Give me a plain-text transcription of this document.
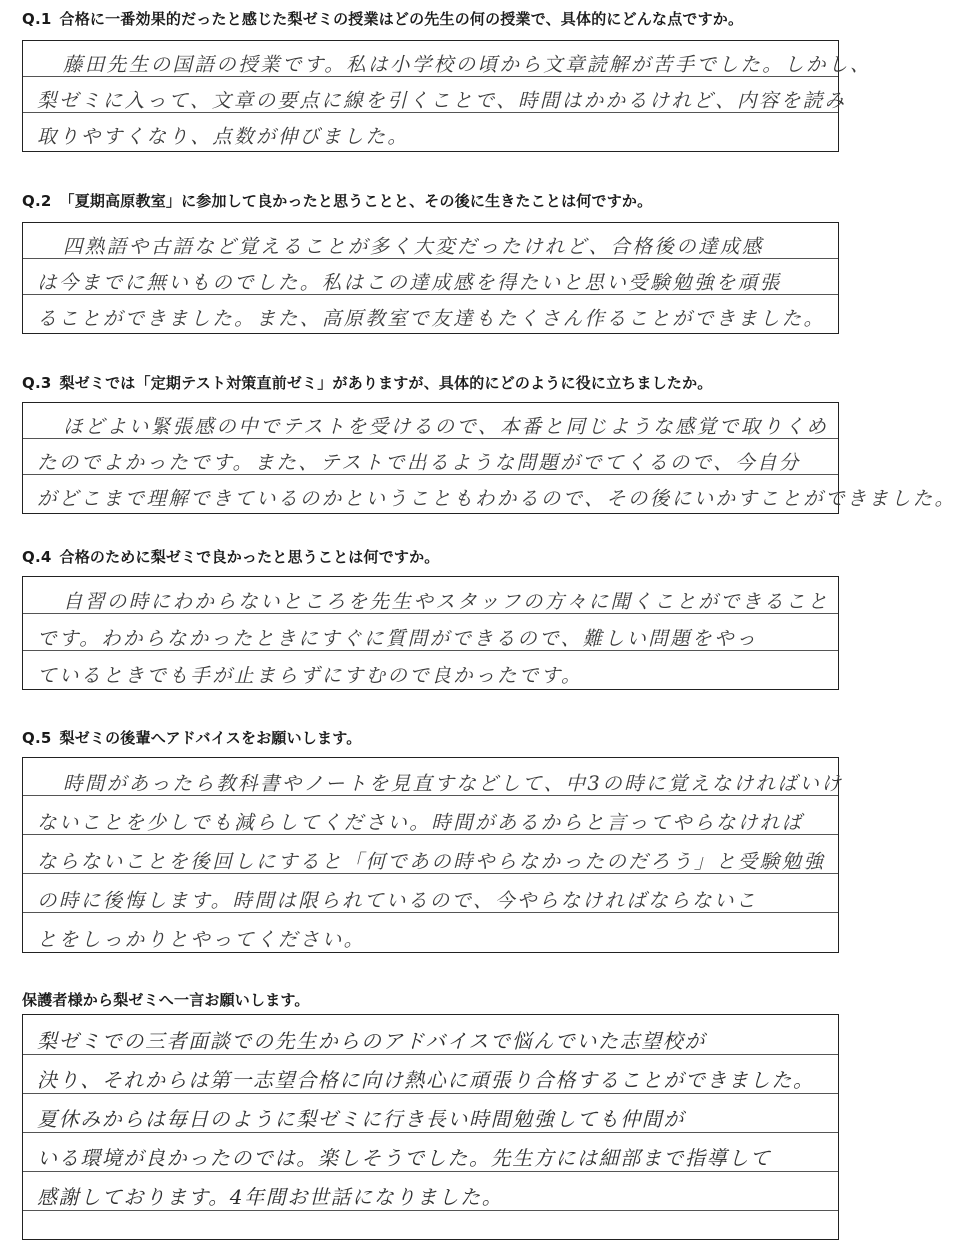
Q.1 合格に一番効果的だったと感じた梨ゼミの授業はどの先生の何の授業で、具体的にどんな点ですか。
藤田先生の国語の授業です。私は小学校の頃から文章読解が苦手でした。しかし、
梨ゼミに入って、文章の要点に線を引くことで、時間はかかるけれど、内容を読み
取りやすくなり、点数が伸びました。
Q.2 「夏期高原教室」に参加して良かったと思うことと、その後に生きたことは何ですか。
四熟語や古語など覚えることが多く大変だったけれど、合格後の達成感
は今までに無いものでした。私はこの達成感を得たいと思い受験勉強を頑張
ることができました。また、高原教室で友達もたくさん作ることができました。
Q.3 梨ゼミでは「定期テスト対策直前ゼミ」がありますが、具体的にどのように役に立ちましたか。
ほどよい緊張感の中でテストを受けるので、本番と同じような感覚で取りくめ
たのでよかったです。また、テストで出るような問題がでてくるので、今自分
がどこまで理解できているのかということもわかるので、その後にいかすことができました。
Q.4 合格のために梨ゼミで良かったと思うことは何ですか。
自習の時にわからないところを先生やスタッフの方々に聞くことができること
です。わからなかったときにすぐに質問ができるので、難しい問題をやっ
ているときでも手が止まらずにすむので良かったです。
Q.5 梨ゼミの後輩へアドバイスをお願いします。
時間があったら教科書やノートを見直すなどして、中3の時に覚えなければいけ
ないことを少しでも減らしてください。時間があるからと言ってやらなければ
ならないことを後回しにすると「何であの時やらなかったのだろう」と受験勉強
の時に後悔します。時間は限られているので、今やらなければならないこ
とをしっかりとやってください。
保護者様から梨ゼミへ一言お願いします。
梨ゼミでの三者面談での先生からのアドバイスで悩んでいた志望校が
決り、それからは第一志望合格に向け熱心に頑張り合格することができました。
夏休みからは毎日のように梨ゼミに行き長い時間勉強しても仲間が
いる環境が良かったのでは。楽しそうでした。先生方には細部まで指導して
感謝しております。4年間お世話になりました。
